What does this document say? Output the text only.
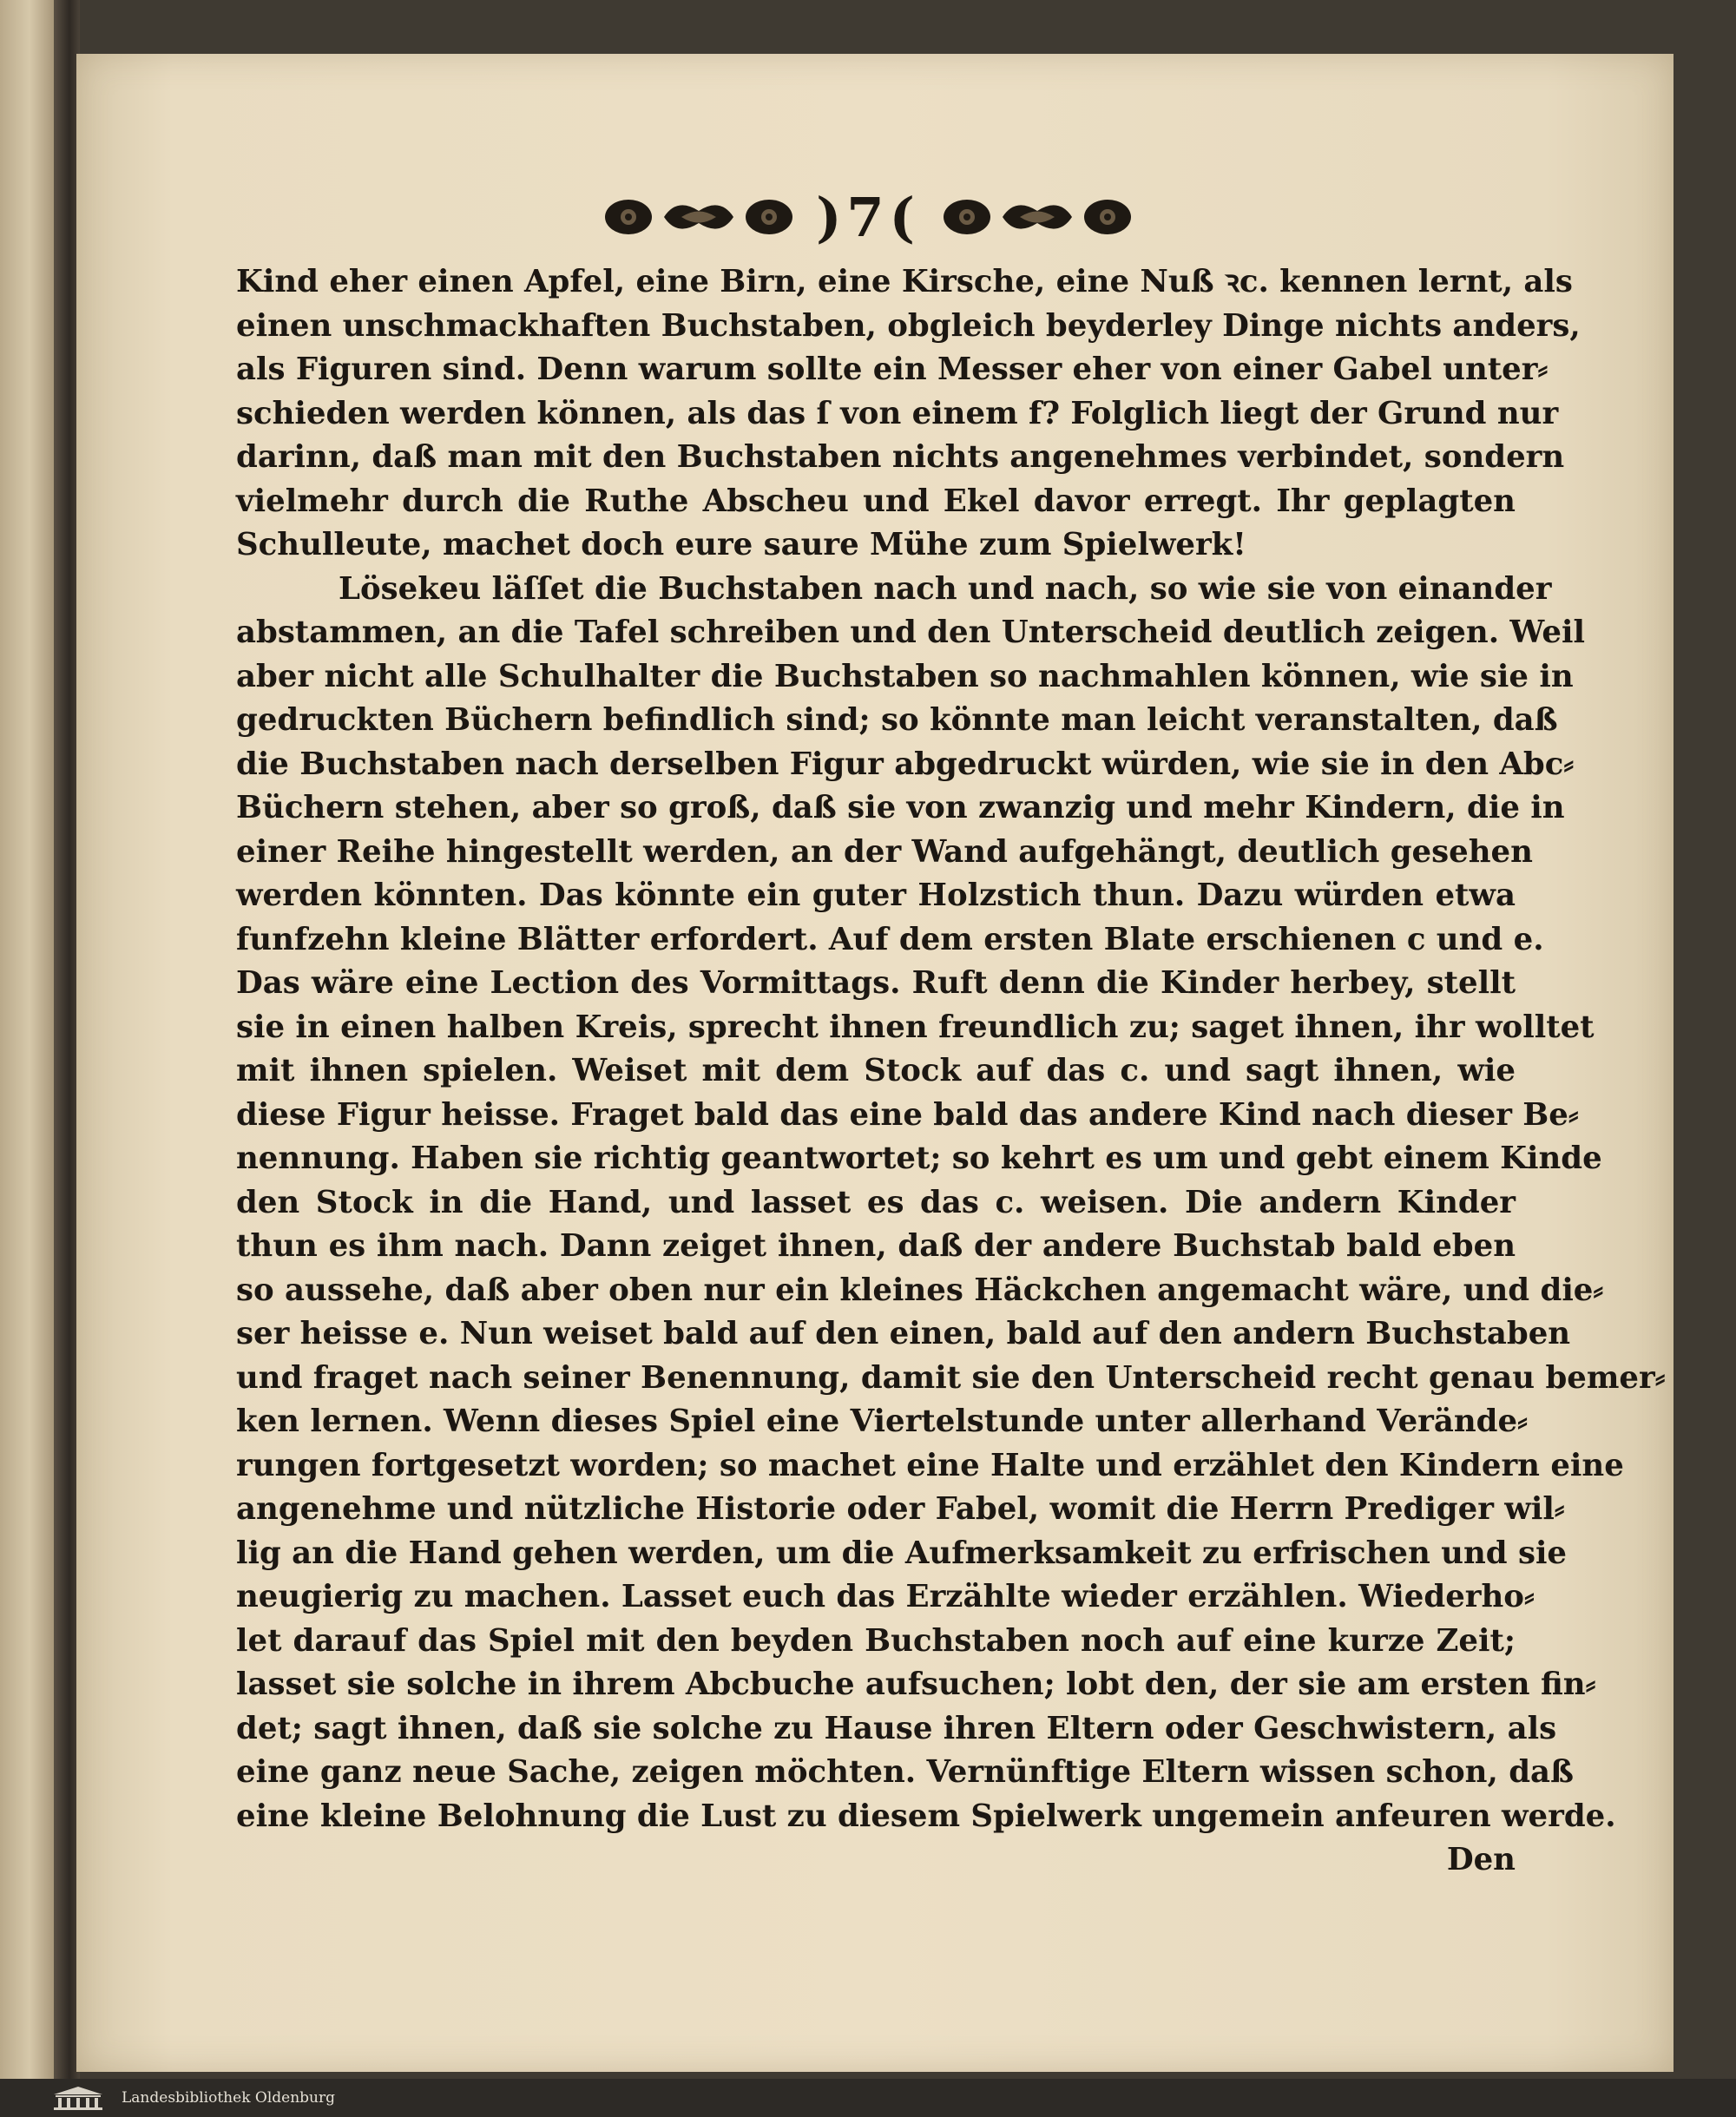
)7(
Kind eher einen Apfel, eine Birn, eine Kirsche, eine Nuß ꝛc. kennen lernt, als
einen unschmackhaften Buchstaben, obgleich beyderley Dinge nichts anders,
als Figuren sind. Denn warum sollte ein Messer eher von einer Gabel unter⸗
schieden werden können, als das ſ von einem f? Folglich liegt der Grund nur
darinn, daß man mit den Buchstaben nichts angenehmes verbindet, sondern
vielmehr durch die Ruthe Abscheu und Ekel davor erregt. Ihr geplagten
Schulleute, machet doch eure saure Mühe zum Spielwerk!
Lösekeu läſſet die Buchstaben nach und nach, so wie sie von einander
abstammen, an die Tafel schreiben und den Unterscheid deutlich zeigen. Weil
aber nicht alle Schulhalter die Buchstaben so nachmahlen können, wie sie in
gedruckten Büchern befindlich sind; so könnte man leicht veranstalten, daß
die Buchstaben nach derselben Figur abgedruckt würden, wie sie in den Abc⸗
Büchern stehen, aber so groß, daß sie von zwanzig und mehr Kindern, die in
einer Reihe hingestellt werden, an der Wand aufgehängt, deutlich gesehen
werden könnten. Das könnte ein guter Holzstich thun. Dazu würden etwa
funfzehn kleine Blätter erfordert. Auf dem ersten Blate erschienen c und e.
Das wäre eine Lection des Vormittags. Ruft denn die Kinder herbey, stellt
sie in einen halben Kreis, sprecht ihnen freundlich zu; saget ihnen, ihr wolltet
mit ihnen spielen. Weiset mit dem Stock auf das c. und sagt ihnen, wie
diese Figur heisse. Fraget bald das eine bald das andere Kind nach dieser Be⸗
nennung. Haben sie richtig geantwortet; so kehrt es um und gebt einem Kinde
den Stock in die Hand, und lasset es das c. weisen. Die andern Kinder
thun es ihm nach. Dann zeiget ihnen, daß der andere Buchstab bald eben
so aussehe, daß aber oben nur ein kleines Häckchen angemacht wäre, und die⸗
ser heisse e. Nun weiset bald auf den einen, bald auf den andern Buchstaben
und fraget nach seiner Benennung, damit sie den Unterscheid recht genau bemer⸗
ken lernen. Wenn dieses Spiel eine Viertelstunde unter allerhand Verände⸗
rungen fortgesetzt worden; so machet eine Halte und erzählet den Kindern eine
angenehme und nützliche Historie oder Fabel, womit die Herrn Prediger wil⸗
lig an die Hand gehen werden, um die Aufmerksamkeit zu erfrischen und sie
neugierig zu machen. Lasset euch das Erzählte wieder erzählen. Wiederho⸗
let darauf das Spiel mit den beyden Buchstaben noch auf eine kurze Zeit;
lasset sie solche in ihrem Abcbuche aufsuchen; lobt den, der sie am ersten fin⸗
det; sagt ihnen, daß sie solche zu Hause ihren Eltern oder Geschwistern, als
eine ganz neue Sache, zeigen möchten. Vernünftige Eltern wissen schon, daß
eine kleine Belohnung die Lust zu diesem Spielwerk ungemein anfeuren werde.
Den
Landesbibliothek Oldenburg
